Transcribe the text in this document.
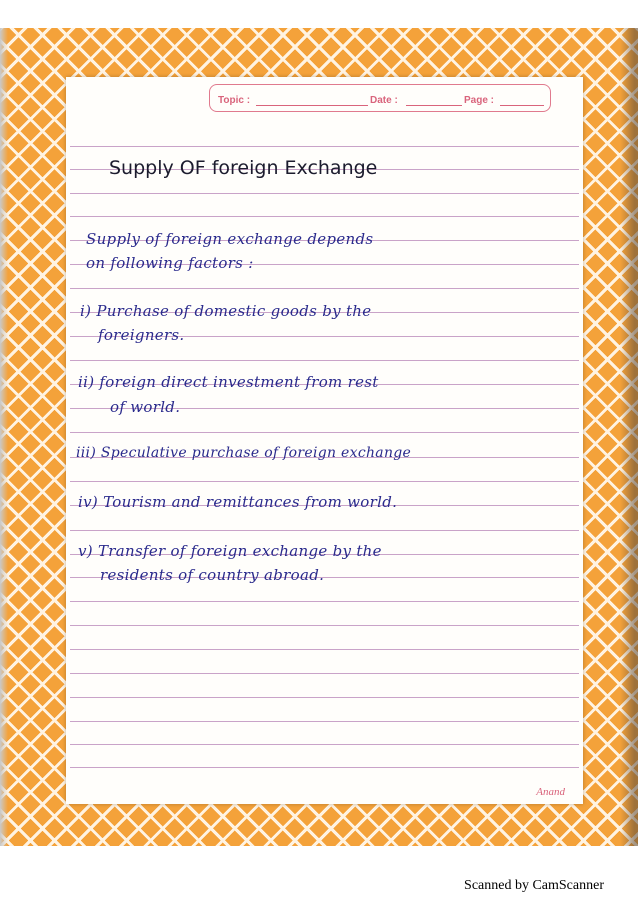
Topic :	Date :	Page :
Supply OF foreign Exchange
Supply of foreign exchange depends
on following factors :
i) Purchase of domestic goods by the
foreigners.
ii) foreign direct investment from rest
of world.
iii) Speculative purchase of foreign exchange
iv) Tourism and remittances from world.
v) Transfer of foreign exchange by the
residents of country abroad.
Anand
Scanned by CamScanner
